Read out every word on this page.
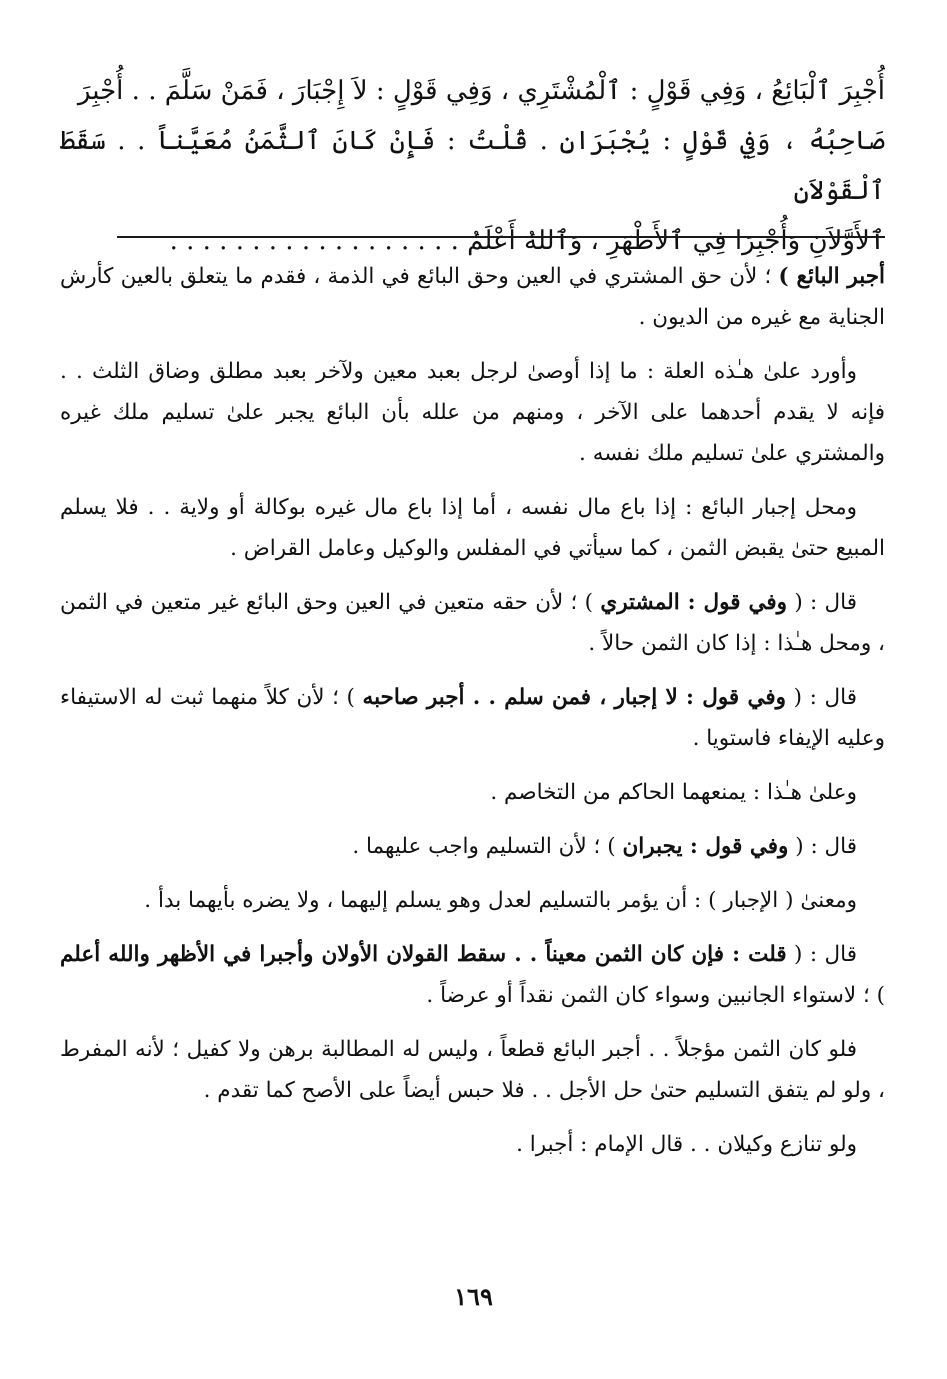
أُجْبِرَ ٱلْبَائِعُ ، وَفِي قَوْلٍ : ٱلْمُشْتَرِي ، وَفِي قَوْلٍ : لاَ إِجْبَارَ ، فَمَنْ سَلَّمَ . . أُجْبِرَ

صَاحِبُهُ ، وَفِي قَوْلٍ : يُجْبَرَانِ . قُلْتُ : فَإِنْ كَانَ ٱلثَّمَنُ مُعَيَّناً . . سَقَطَ ٱلْقَوْلاَنِ

ٱلأَوَّلاَنِ وَأُجْبِرَا فِي ٱلأَظْهَرِ ، وَٱللهُ أَعْلَمُ . . . . . . . . . . . . . . . . . .

أجبر البائع ) ؛ لأن حق المشتري في العين وحق البائع في الذمة ، فقدم ما يتعلق بالعين كأرش الجناية مع غيره من الديون .

وأورد علىٰ هـٰذه العلة : ما إذا أوصىٰ لرجل بعبد معين ولآخر بعبد مطلق وضاق الثلث . . فإنه لا يقدم أحدهما على الآخر ، ومنهم من علله بأن البائع يجبر علىٰ تسليم ملك غيره والمشتري علىٰ تسليم ملك نفسه .

ومحل إجبار البائع : إذا باع مال نفسه ، أما إذا باع مال غيره بوكالة أو ولاية . . فلا يسلم المبيع حتىٰ يقبض الثمن ، كما سيأتي في المفلس والوكيل وعامل القراض .

قال : ( وفي قول : المشتري ) ؛ لأن حقه متعين في العين وحق البائع غير متعين في الثمن ، ومحل هـٰذا : إذا كان الثمن حالاً .

قال : ( وفي قول : لا إجبار ، فمن سلم . . أجبر صاحبه ) ؛ لأن كلاً منهما ثبت له الاستيفاء وعليه الإيفاء فاستويا .

وعلىٰ هـٰذا : يمنعهما الحاكم من التخاصم .

قال : ( وفي قول : يجبران ) ؛ لأن التسليم واجب عليهما .

ومعنىٰ ( الإجبار ) : أن يؤمر بالتسليم لعدل وهو يسلم إليهما ، ولا يضره بأيهما بدأ .

قال : ( قلت : فإن كان الثمن معيناً . . سقط القولان الأولان وأجبرا في الأظهر والله أعلم ) ؛ لاستواء الجانبين وسواء كان الثمن نقداً أو عرضاً .

فلو كان الثمن مؤجلاً . . أجبر البائع قطعاً ، وليس له المطالبة برهن ولا كفيل ؛ لأنه المفرط ، ولو لم يتفق التسليم حتىٰ حل الأجل . . فلا حبس أيضاً على الأصح كما تقدم .

ولو تنازع وكيلان . . قال الإمام : أجبرا .

١٦٩
